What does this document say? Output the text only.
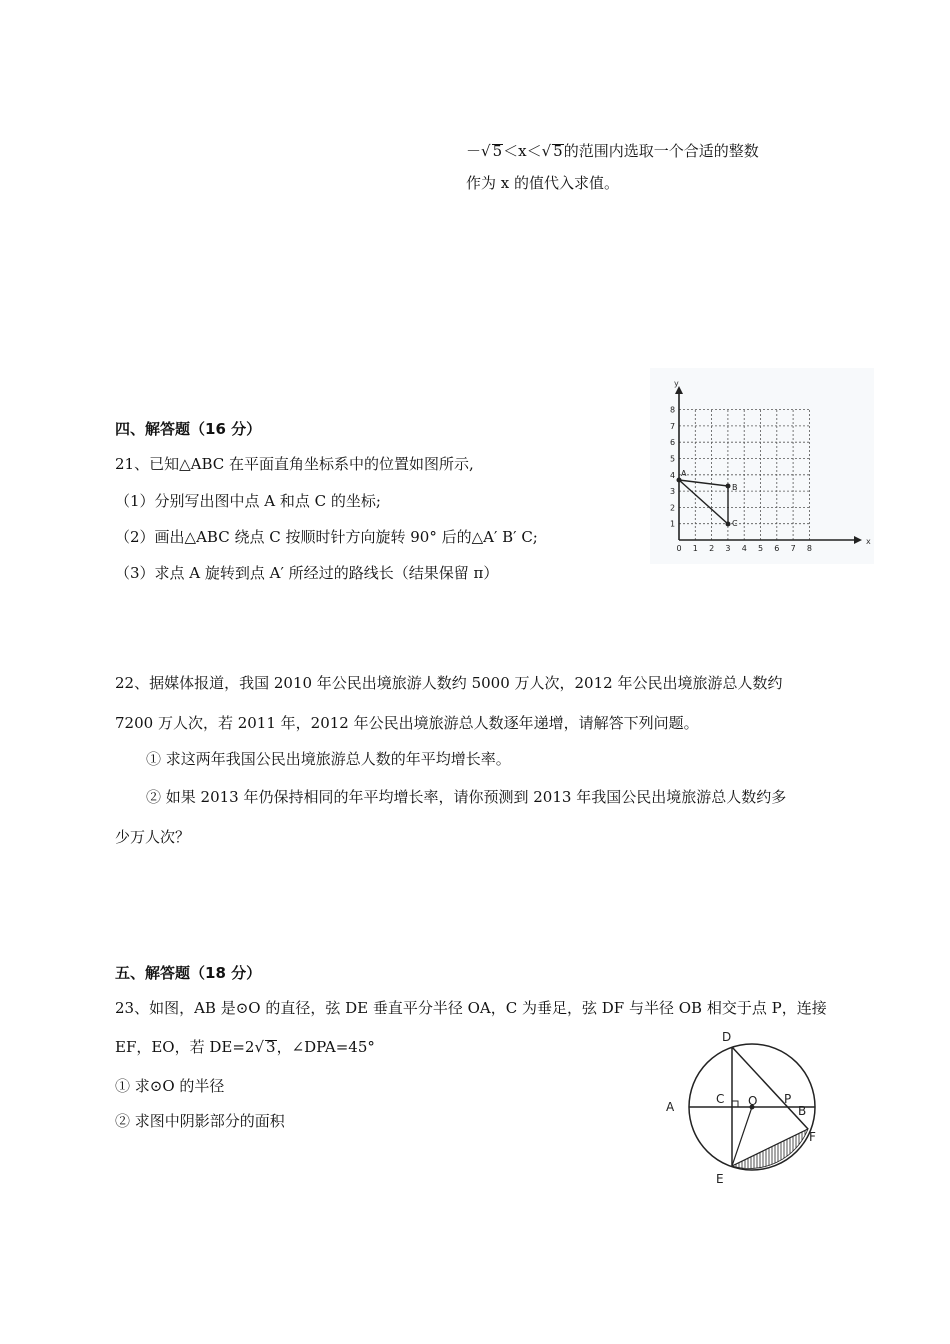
－√ 5＜x＜√ 5的范围内选取一个合适的整数
作为 x 的值代入求值。
四、解答题（16 分）
21、已知△ABC 在平面直角坐标系中的位置如图所示,
（1）分别写出图中点 A 和点 C 的坐标;
（2）画出△ABC 绕点 C 按顺时针方向旋转 90° 后的△A′ B′ C;
（3）求点 A 旋转到点 A′ 所经过的路线长（结果保留 π）
y
x
0 1 2 3 4 5 6 7 8
1
2
3
4
5
6
7
8
A
B
C
22、据媒体报道，我国 2010 年公民出境旅游人数约 5000 万人次，2012 年公民出境旅游总人数约
7200 万人次，若 2011 年，2012 年公民出境旅游总人数逐年递增，请解答下列问题。
① 求这两年我国公民出境旅游总人数的年平均增长率。
② 如果 2013 年仍保持相同的年平均增长率，请你预测到 2013 年我国公民出境旅游总人数约多
少万人次？
五、解答题（18 分）
23、如图，AB 是⊙O 的直径，弦 DE 垂直平分半径 OA，C 为垂足，弦 DF 与半径 OB 相交于点 P，连接
EF，EO，若 DE=2√ 3，∠DPA=45°
① 求⊙O 的半径
② 求图中阴影部分的面积
A	B
C
D
E
F
O P
